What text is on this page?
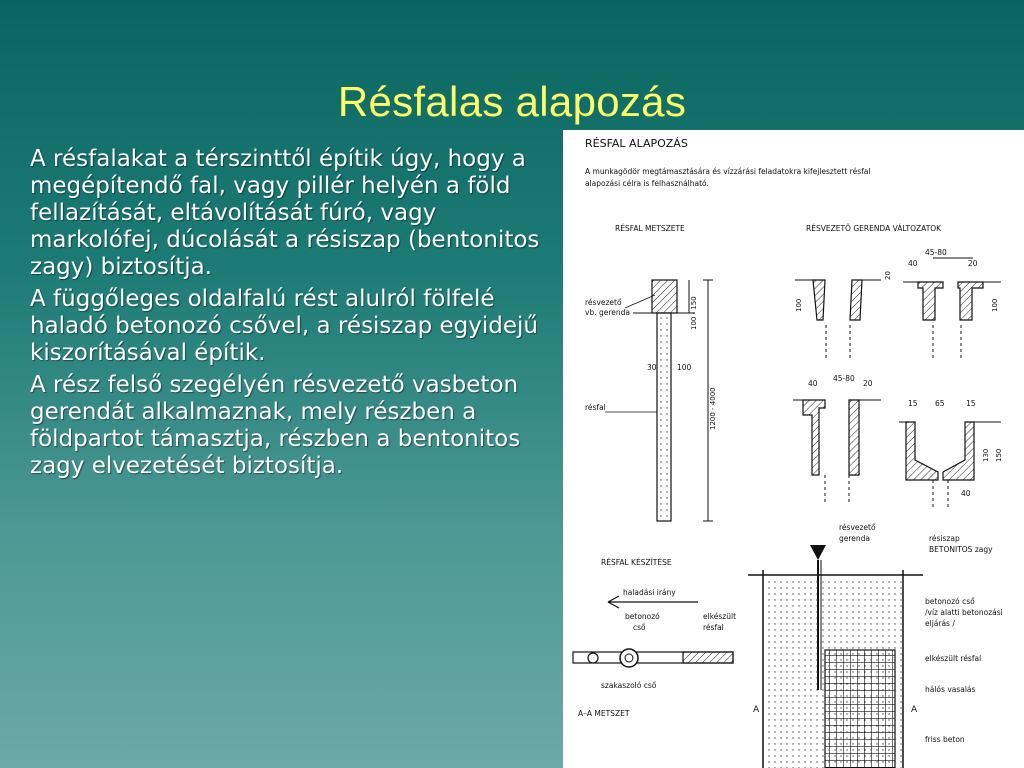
Résfalas alapozás

A résfalakat a térszinttől építik úgy, hogy a megépítendő fal, vagy pillér helyén a föld fellazítását, eltávolítását fúró, vagy markolófej, dúcolását a résiszap (bentonitos zagy) biztosítja.

A függőleges oldalfalú rést alulról fölfelé haladó betonozó csővel, a résiszap egyidejű kiszorításával építik.

A rész felső szegélyén résvezető vasbeton gerendát alkalmaznak, mely részben a földpartot támasztja, részben a bentonitos zagy elvezetését biztosítja.

RÉSFAL ALAPOZÁS
A munkagödör megtámasztására és vízzárási feladatokra kifejlesztett résfal
alapozási célra is felhasználható.
RÉSFAL METSZETE
résvezető
vb. gerenda
résfal
100 - 150
30	100
1200 - 4000
RÉSVEZETŐ GERENDA VÁLTOZATOK
100
45-80
40	20
20
100
45-80
40	20
15 65	15
130 150
40
RÉSFAL KÉSZÍTÉSE
haladási irány
betonozó
cső
elkészült
résfal
szakaszoló cső
A–A METSZET
résvezető
gerenda	résiszap
BETONITOS zagy
betonozó cső
/víz alatti betonozási
eljárás /
elkészült résfal
hálós vasalás
friss beton
A	A
